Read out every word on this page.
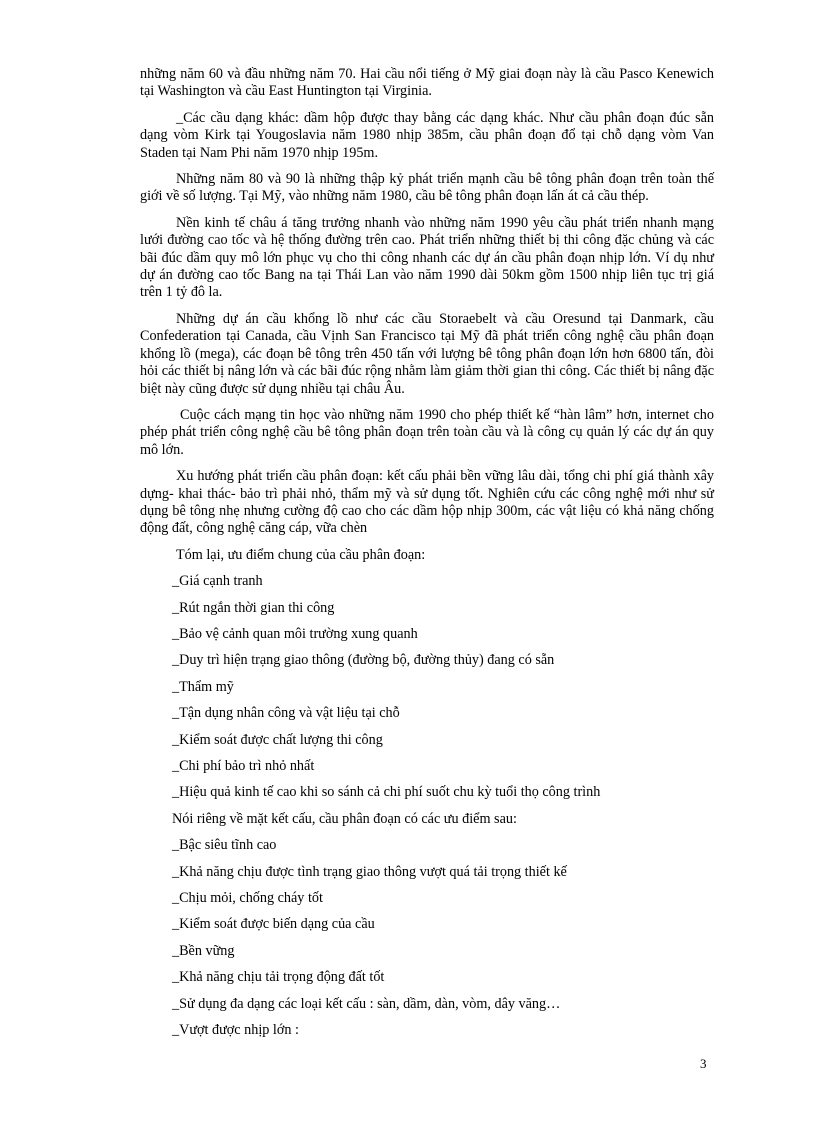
những năm 60 và đầu những năm 70. Hai cầu nổi tiếng ở Mỹ giai đoạn này là cầu Pasco Kenewich tại Washington và cầu East Huntington tại Virginia.

_Các cầu dạng khác: dầm hộp được thay bằng các dạng khác. Như cầu phân đoạn đúc sẵn dạng vòm Kirk tại Yougoslavia năm 1980 nhịp 385m, cầu phân đoạn đổ tại chỗ dạng vòm Van Staden tại Nam Phi năm 1970 nhịp 195m.

Những năm 80 và 90 là những thập kỷ phát triển mạnh cầu bê tông phân đoạn trên toàn thế giới về số lượng. Tại Mỹ, vào những năm 1980, cầu bê tông phân đoạn lấn át cả cầu thép.

Nền kinh tế châu á tăng trưởng nhanh vào những năm 1990 yêu cầu phát triển nhanh mạng lưới đường cao tốc và hệ thống đường trên cao. Phát triển những thiết bị thi công đặc chủng và các bãi đúc dầm quy mô lớn phục vụ cho thi công nhanh các dự án cầu phân đoạn nhịp lớn. Ví dụ như dự án đường cao tốc Bang na tại Thái Lan vào năm 1990 dài 50km gồm 1500 nhịp liên tục trị giá trên 1 tỷ đô la.

Những dự án cầu khổng lồ như các cầu Storaebelt và cầu Oresund tại Danmark, cầu Confederation tại Canada, cầu Vịnh San Francisco tại Mỹ đã phát triển công nghệ cầu phân đoạn khổng lồ (mega), các đoạn bê tông trên 450 tấn với lượng bê tông phân đoạn lớn hơn 6800 tấn, đòi hỏi các thiết bị nâng lớn và các bãi đúc rộng nhằm làm giảm thời gian thi công. Các thiết bị nâng đặc biệt này cũng được sử dụng nhiều tại châu Âu.

Cuộc cách mạng tin học vào những năm 1990 cho phép thiết kế “hàn lâm” hơn, internet cho phép phát triển công nghệ cầu bê tông phân đoạn trên toàn cầu và là công cụ quản lý các dự án quy mô lớn.

Xu hướng phát triển cầu phân đoạn: kết cấu phải bền vững lâu dài, tổng chi phí giá thành xây dựng- khai thác- bảo trì phải nhỏ, thẩm mỹ và sử dụng tốt. Nghiên cứu các công nghệ mới như sử dụng bê tông nhẹ nhưng cường độ cao cho các dầm hộp nhịp 300m, các vật liệu có khả năng chống động đất, công nghệ căng cáp, vữa chèn

Tóm lại, ưu điểm chung của cầu phân đoạn:

_Giá cạnh tranh

_Rút ngắn thời gian thi công

_Bảo vệ cảnh quan môi trường xung quanh

_Duy trì hiện trạng giao thông (đường bộ, đường thủy) đang có sẵn

_Thẩm mỹ

_Tận dụng nhân công và vật liệu tại chỗ

_Kiểm soát được chất lượng thi công

_Chi phí bảo trì nhỏ nhất

_Hiệu quả kinh tế cao khi so sánh cả chi phí suốt chu kỳ tuổi thọ công trình

Nói riêng về mặt kết cấu, cầu phân đoạn có các ưu điểm sau:

_Bậc siêu tĩnh cao

_Khả năng chịu được tình trạng giao thông vượt quá tải trọng thiết kế

_Chịu mỏi, chống cháy tốt

_Kiểm soát được biến dạng của cầu

_Bền vững

_Khả năng chịu tải trọng động đất tốt

_Sử dụng đa dạng các loại kết cấu : sàn, dầm, dàn, vòm, dây văng…

_Vượt được nhịp lớn :

3
